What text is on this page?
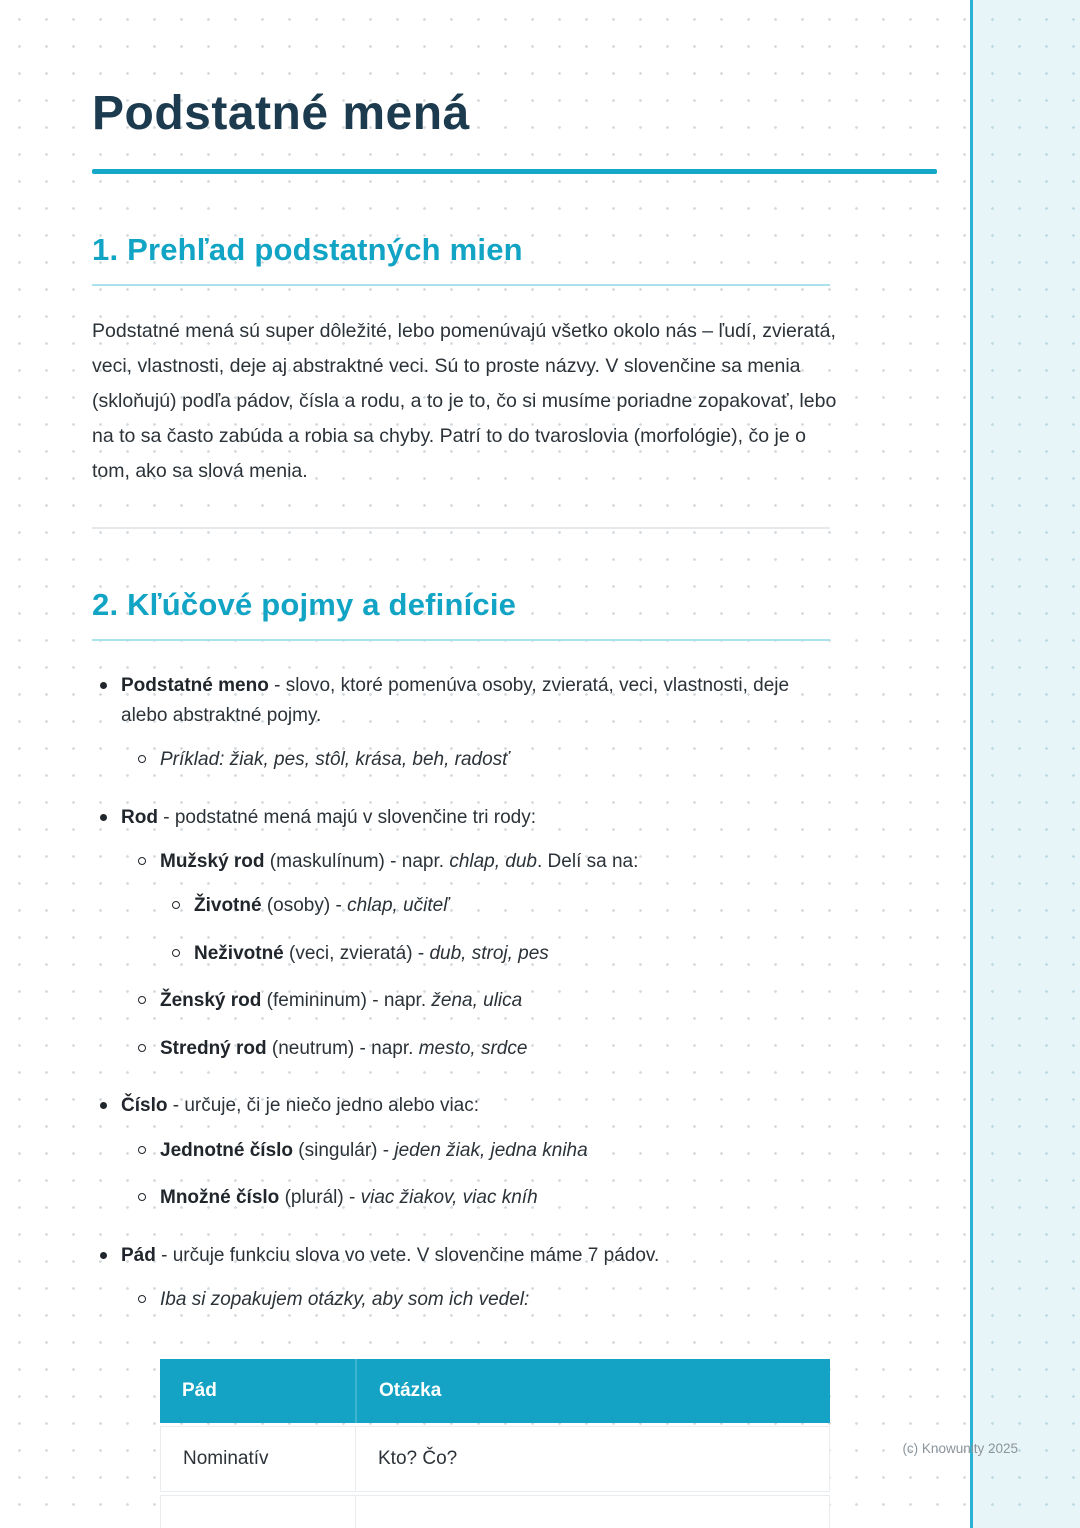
Podstatné mená
1. Prehľad podstatných mien

Podstatné mená sú super dôležité, lebo pomenúvajú všetko okolo nás – ľudí, zvieratá, veci, vlastnosti, deje aj abstraktné veci. Sú to proste názvy. V slovenčine sa menia (skloňujú) podľa pádov, čísla a rodu, a to je to, čo si musíme poriadne zopakovať, lebo na to sa často zabúda a robia sa chyby. Patrí to do tvaroslovia (morfológie), čo je o tom, ako sa slová menia.

2. Kľúčové pojmy a definície

Podstatné meno - slovo, ktoré pomenúva osoby, zvieratá, veci, vlastnosti, deje alebo abstraktné pojmy.

Príklad: žiak, pes, stôl, krása, beh, radosť

Rod - podstatné mená majú v slovenčine tri rody:

Mužský rod (maskulínum) - napr. chlap, dub. Delí sa na:

Životné (osoby) - chlap, učiteľ

Neživotné (veci, zvieratá) - dub, stroj, pes

Ženský rod (femininum) - napr. žena, ulica

Stredný rod (neutrum) - napr. mesto, srdce

Číslo - určuje, či je niečo jedno alebo viac:

Jednotné číslo (singulár) - jeden žiak, jedna kniha

Množné číslo (plurál) - viac žiakov, viac kníh

Pád - určuje funkciu slova vo vete. V slovenčine máme 7 pádov.

Iba si zopakujem otázky, aby som ich vedel:

Pád	Otázka
Nominatív	Kto? Čo?
		(c) Knowunity 2025
